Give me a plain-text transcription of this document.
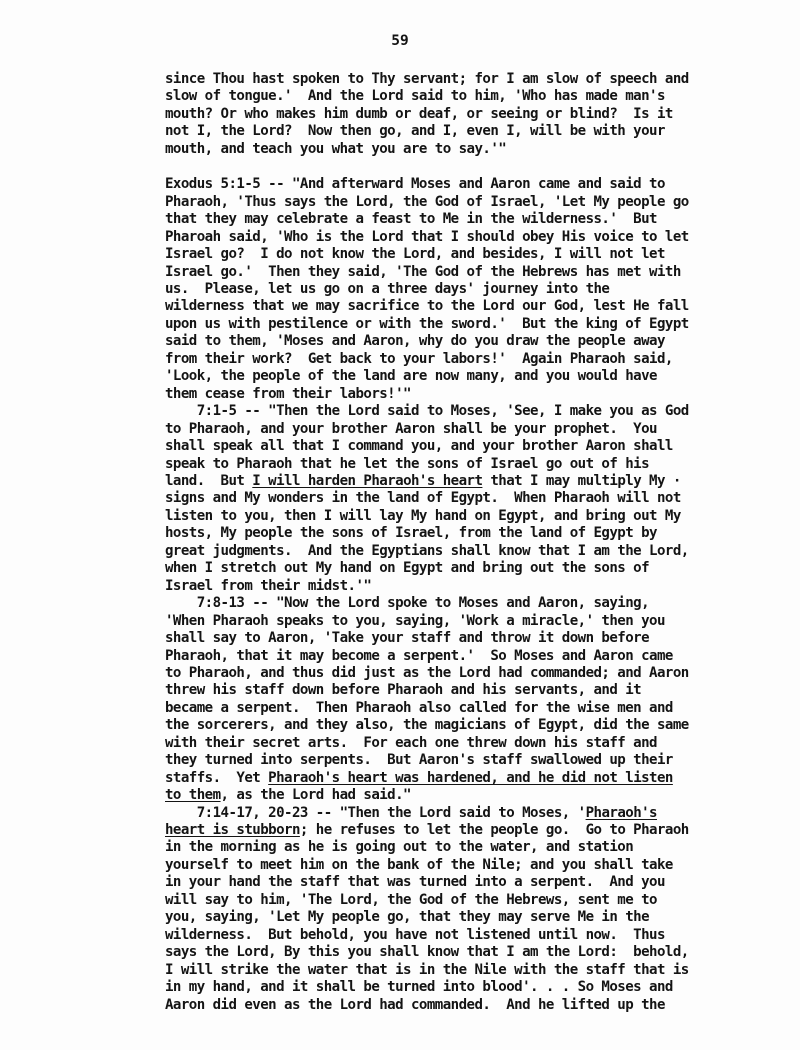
59
since Thou hast spoken to Thy servant; for I am slow of speech and
slow of tongue.'  And the Lord said to him, 'Who has made man's
mouth? Or who makes him dumb or deaf, or seeing or blind?  Is it
not I, the Lord?  Now then go, and I, even I, will be with your
mouth, and teach you what you are to say.'"
Exodus 5:1-5 -- "And afterward Moses and Aaron came and said to
Pharaoh, 'Thus says the Lord, the God of Israel, 'Let My people go
that they may celebrate a feast to Me in the wilderness.'  But
Pharoah said, 'Who is the Lord that I should obey His voice to let
Israel go?  I do not know the Lord, and besides, I will not let
Israel go.'  Then they said, 'The God of the Hebrews has met with
us.  Please, let us go on a three days' journey into the
wilderness that we may sacrifice to the Lord our God, lest He fall
upon us with pestilence or with the sword.'  But the king of Egypt
said to them, 'Moses and Aaron, why do you draw the people away
from their work?  Get back to your labors!'  Again Pharaoh said,
'Look, the people of the land are now many, and you would have
them cease from their labors!'"
7:1-5 -- "Then the Lord said to Moses, 'See, I make you as God
to Pharaoh, and your brother Aaron shall be your prophet.  You
shall speak all that I command you, and your brother Aaron shall
speak to Pharaoh that he let the sons of Israel go out of his
land.  But I will harden Pharaoh's heart that I may multiply My ·
signs and My wonders in the land of Egypt.  When Pharaoh will not
listen to you, then I will lay My hand on Egypt, and bring out My
hosts, My people the sons of Israel, from the land of Egypt by
great judgments.  And the Egyptians shall know that I am the Lord,
when I stretch out My hand on Egypt and bring out the sons of
Israel from their midst.'"
7:8-13 -- "Now the Lord spoke to Moses and Aaron, saying,
'When Pharaoh speaks to you, saying, 'Work a miracle,' then you
shall say to Aaron, 'Take your staff and throw it down before
Pharaoh, that it may become a serpent.'  So Moses and Aaron came
to Pharaoh, and thus did just as the Lord had commanded; and Aaron
threw his staff down before Pharaoh and his servants, and it
became a serpent.  Then Pharaoh also called for the wise men and
the sorcerers, and they also, the magicians of Egypt, did the same
with their secret arts.  For each one threw down his staff and
they turned into serpents.  But Aaron's staff swallowed up their
staffs.  Yet Pharaoh's heart was hardened, and he did not listen
to them, as the Lord had said."
7:14-17, 20-23 -- "Then the Lord said to Moses, 'Pharaoh's
heart is stubborn; he refuses to let the people go.  Go to Pharaoh
in the morning as he is going out to the water, and station
yourself to meet him on the bank of the Nile; and you shall take
in your hand the staff that was turned into a serpent.  And you
will say to him, 'The Lord, the God of the Hebrews, sent me to
you, saying, 'Let My people go, that they may serve Me in the
wilderness.  But behold, you have not listened until now.  Thus
says the Lord, By this you shall know that I am the Lord:  behold,
I will strike the water that is in the Nile with the staff that is
in my hand, and it shall be turned into blood'. . . So Moses and
Aaron did even as the Lord had commanded.  And he lifted up the
